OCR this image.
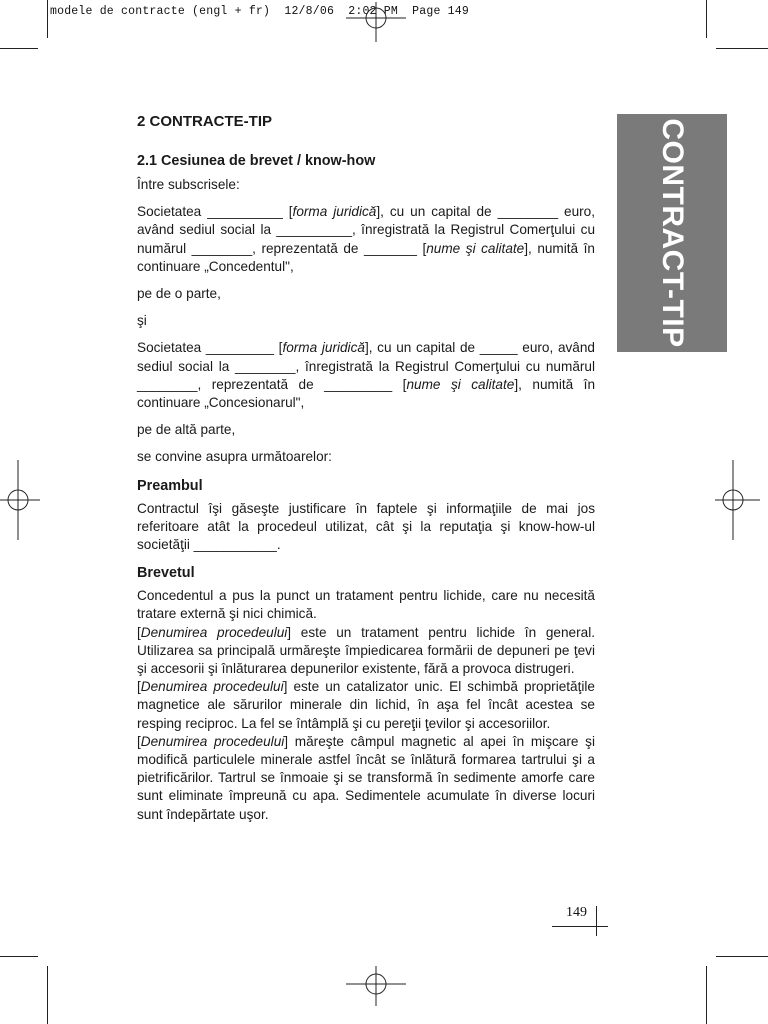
modele de contracte (engl + fr)  12/8/06  2:02 PM  Page 149
CONTRACT-TIP
2 CONTRACTE-TIP
2.1 Cesiunea de brevet / know-how

Între subscrisele:

Societatea __________ [forma juridică], cu un capital de ________ euro, având sediul social la __________, înregistrată la Registrul Comerţului cu numărul ________, reprezentată de _______ [nume şi calitate], numită în continuare „Concedentul",

pe de o parte,

şi

Societatea _________ [forma juridică], cu un capital de _____ euro, având sediul social la ________, înregistrată la Registrul Comerţului cu numărul ________, reprezentată de _________ [nume şi calitate], numită în continuare „Concesionarul",

pe de altă parte,

se convine asupra următoarelor:

Preambul

Contractul îşi găseşte justificare în faptele şi informaţiile de mai jos referitoare atât la procedeul utilizat, cât şi la reputaţia şi know-how-ul societăţii ___________.

Brevetul

Concedentul a pus la punct un tratament pentru lichide, care nu necesită tratare externă şi nici chimică.

[Denumirea procedeului] este un tratament pentru lichide în general. Utilizarea sa principală urmăreşte împiedicarea formării de depuneri pe ţevi şi accesorii şi înlăturarea depunerilor existente, fără a provoca distrugeri.

[Denumirea procedeului] este un catalizator unic. El schimbă proprietăţile magnetice ale sărurilor minerale din lichid, în aşa fel încât acestea se resping reciproc. La fel se întâmplă şi cu pereţii ţevilor şi accesoriilor.

[Denumirea procedeului] măreşte câmpul magnetic al apei în mişcare şi modifică particulele minerale astfel încât se înlătură formarea tartrului şi a pietrificărilor. Tartrul se înmoaie şi se transformă în sedimente amorfe care sunt eliminate împreună cu apa. Sedimentele acumulate în diverse locuri sunt îndepărtate uşor.

149
